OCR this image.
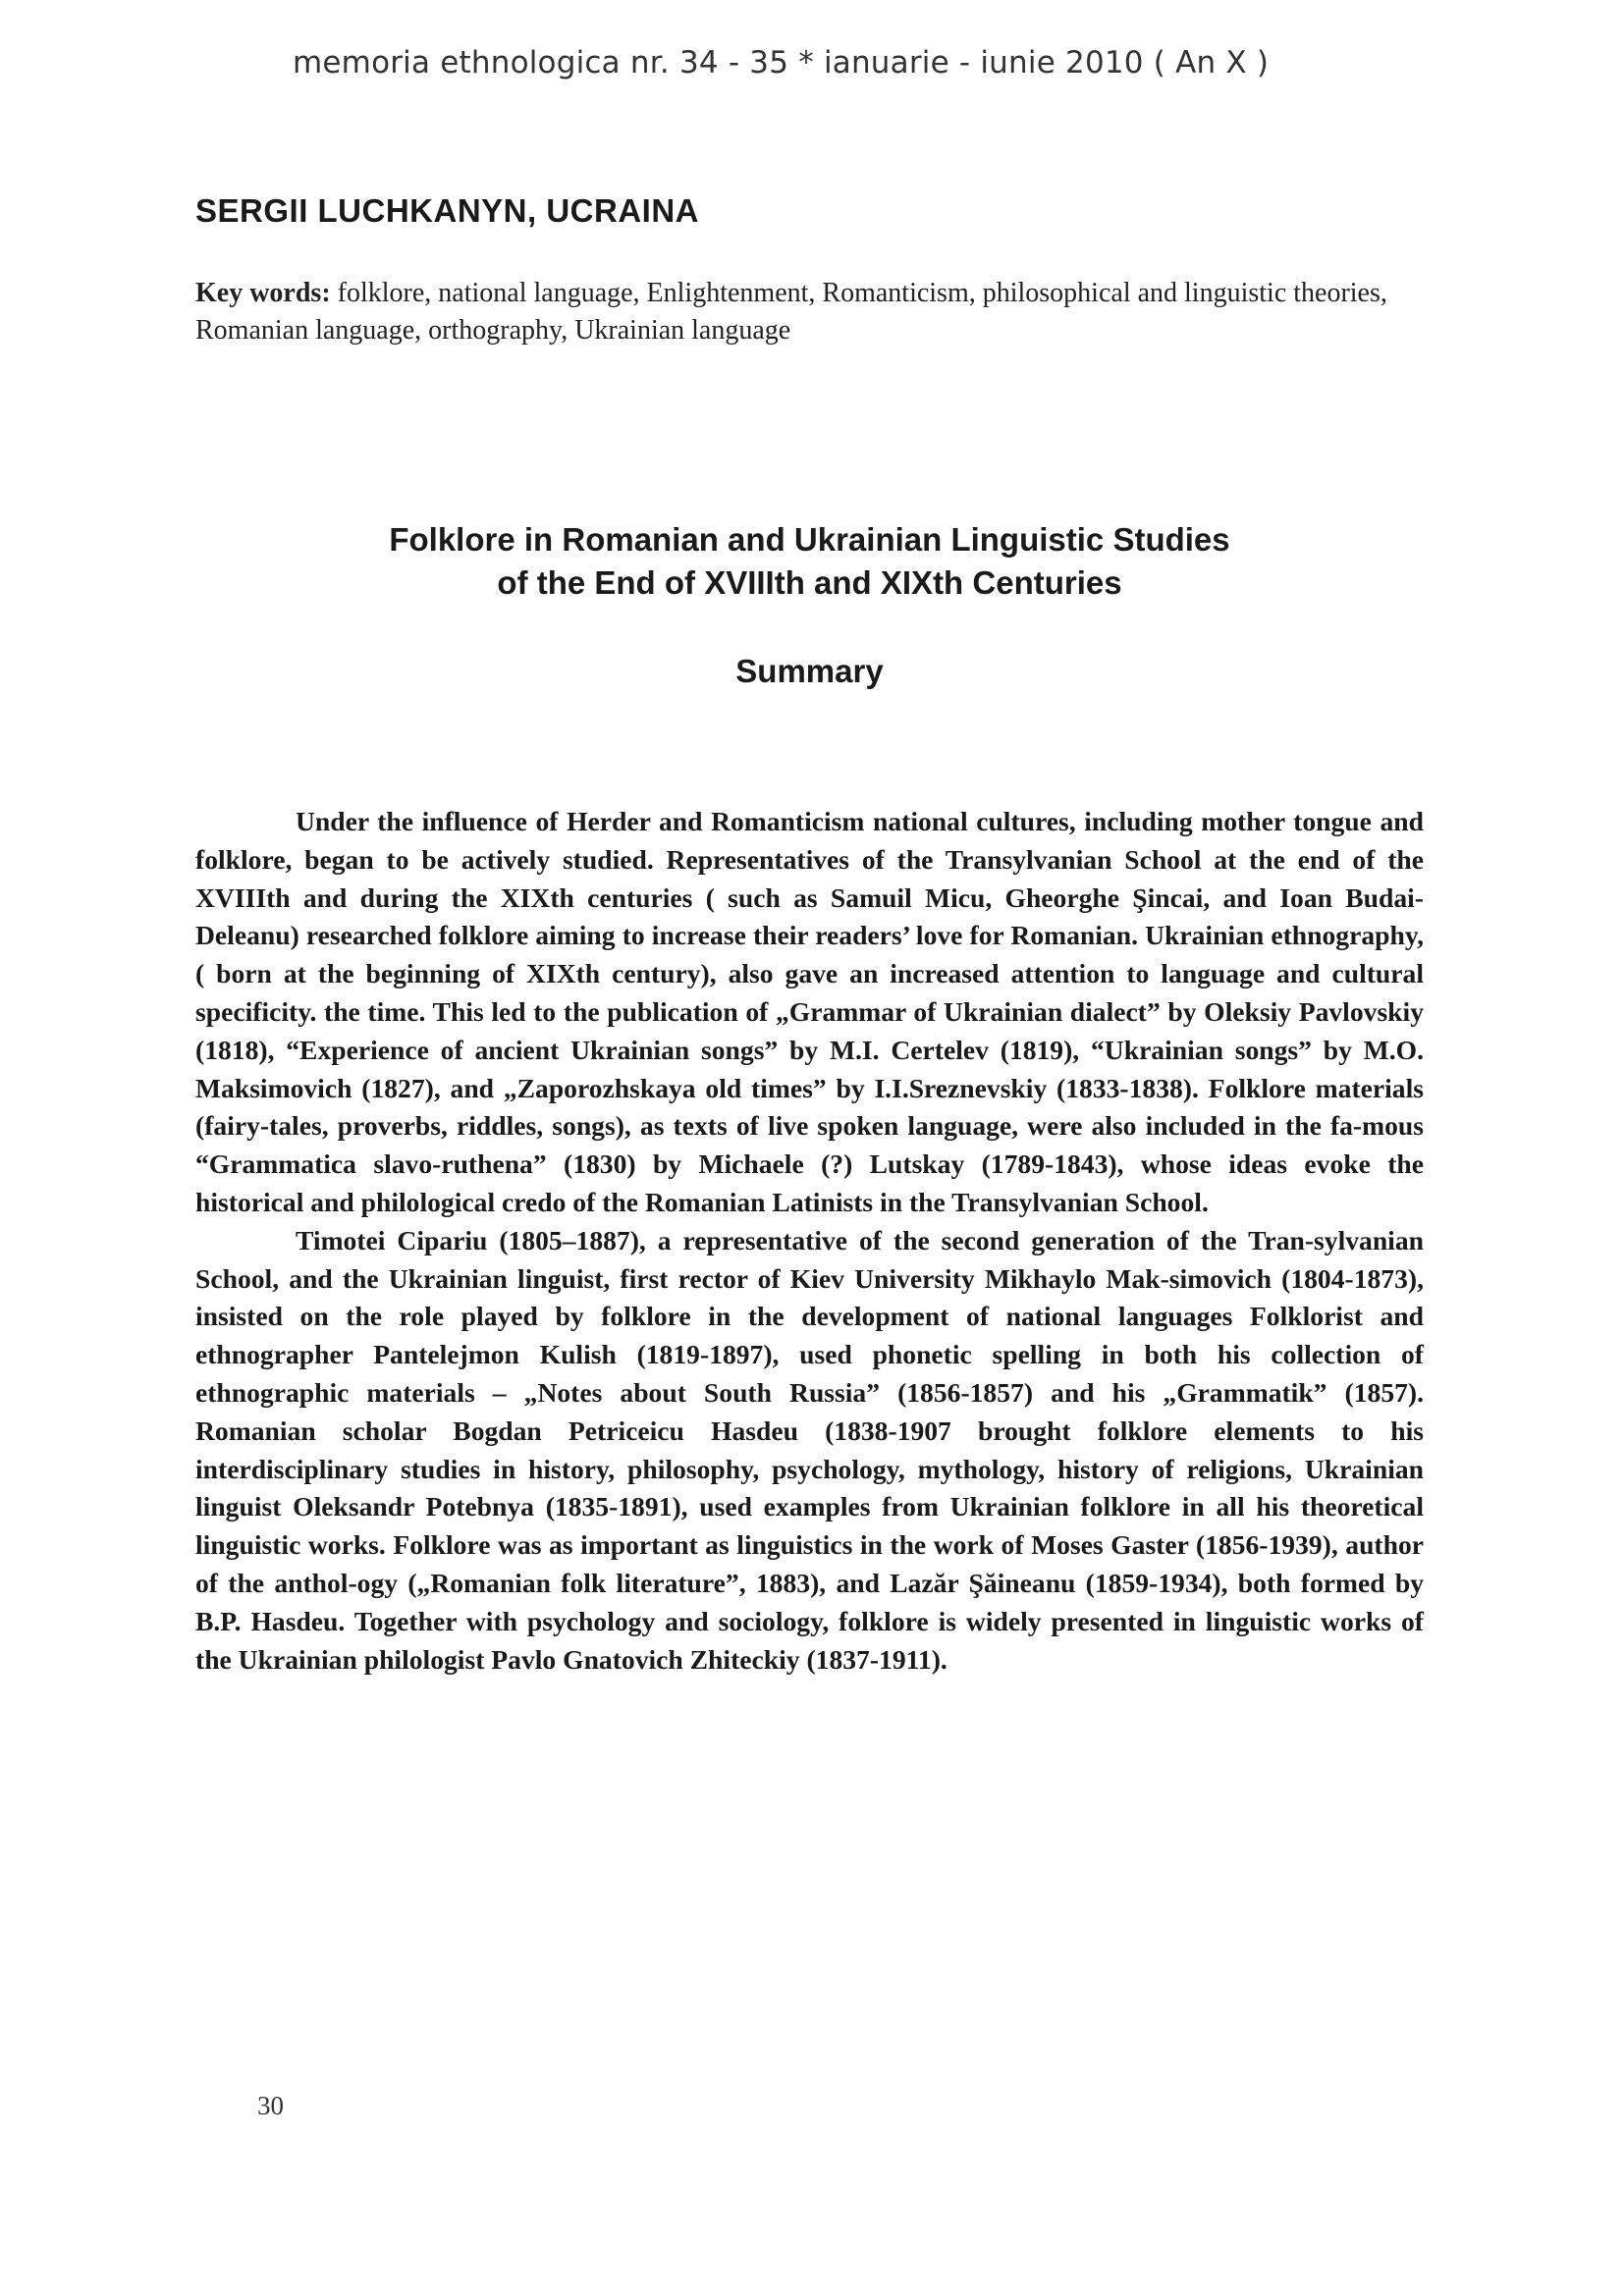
memoria ethnologica nr. 34 - 35 * ianuarie - iunie 2010 ( An X )
SERGII LUCHKANYN, UCRAINA
Key words: folklore, national language, Enlightenment, Romanticism, philosophical and linguistic theories, Romanian language, orthography, Ukrainian language
Folklore in Romanian and Ukrainian Linguistic Studies
of the End of XVIIIth and XIXth Centuries
Summary

Under the influence of Herder and Romanticism national cultures, including mother tongue and folklore, began to be actively studied. Representatives of the Transylvanian School at the end of the XVIIIth and during the XIXth centuries ( such as Samuil Micu, Gheorghe Şincai, and Ioan Budai-Deleanu) researched folklore aiming to increase their readers’ love for Romanian. Ukrainian ethnography, ( born at the beginning of XIXth century), also gave an increased attention to language and cultural specificity. the time. This led to the publication of „Grammar of Ukrainian dialect” by Oleksiy Pavlovskiy (1818), “Experience of ancient Ukrainian songs” by M.I. Certelev (1819), “Ukrainian songs” by M.O. Maksimovich (1827), and „Zaporozhskaya old times” by I.I.Sreznevskiy (1833-1838). Folklore materials (fairy-tales, proverbs, riddles, songs), as texts of live spoken language, were also included in the fa-mous “Grammatica slavo-ruthena” (1830) by Michaele (?) Lutskay (1789-1843), whose ideas evoke the historical and philological credo of the Romanian Latinists in the Transylvanian School.

Timotei Cipariu (1805–1887), a representative of the second generation of the Tran-sylvanian School, and the Ukrainian linguist, first rector of Kiev University Mikhaylo Mak-simovich (1804-1873), insisted on the role played by folklore in the development of national languages Folklorist and ethnographer Pantelejmon Kulish (1819-1897), used phonetic spelling in both his collection of ethnographic materials – „Notes about South Russia” (1856-1857) and his „Grammatik” (1857). Romanian scholar Bogdan Petriceicu Hasdeu (1838-1907 brought folklore elements to his interdisciplinary studies in history, philosophy, psychology, mythology, history of religions, Ukrainian linguist Oleksandr Potebnya (1835-1891), used examples from Ukrainian folklore in all his theoretical linguistic works. Folklore was as important as linguistics in the work of Moses Gaster (1856-1939), author of the anthol-ogy („Romanian folk literature”, 1883), and Lazăr Şăineanu (1859-1934), both formed by B.P. Hasdeu. Together with psychology and sociology, folklore is widely presented in linguistic works of the Ukrainian philologist Pavlo Gnatovich Zhiteckiy (1837-1911).

30
